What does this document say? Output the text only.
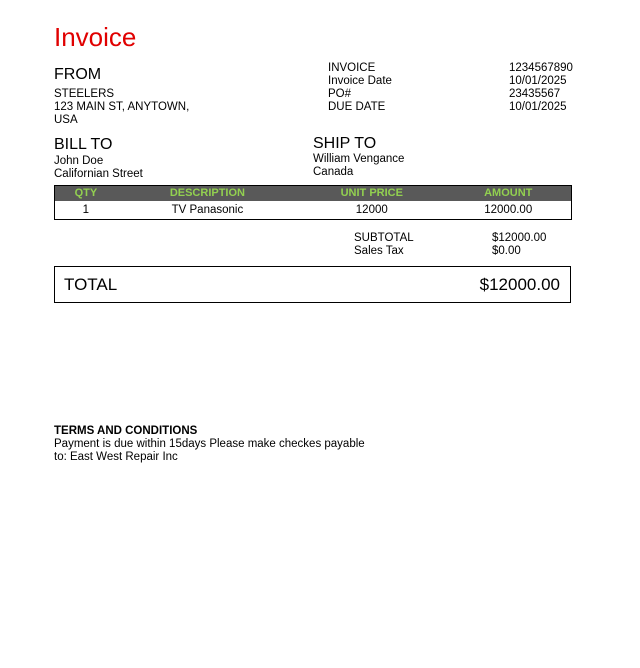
Invoice
FROM
STEELERS
123 MAIN ST, ANYTOWN,
USA
INVOICE	1234567890
Invoice Date	10/01/2025
PO#	23435567
DUE DATE	10/01/2025
BILL TO
John Doe
Californian Street
SHIP TO
William Vengance
Canada
QTY	DESCRIPTION	UNIT PRICE	AMOUNT
1	TV Panasonic	12000	12000.00
SUBTOTAL	$12000.00
Sales Tax	$0.00
TOTAL	$12000.00
TERMS AND CONDITIONS
Payment is due within 15days Please make checkes payable to: East West Repair Inc
